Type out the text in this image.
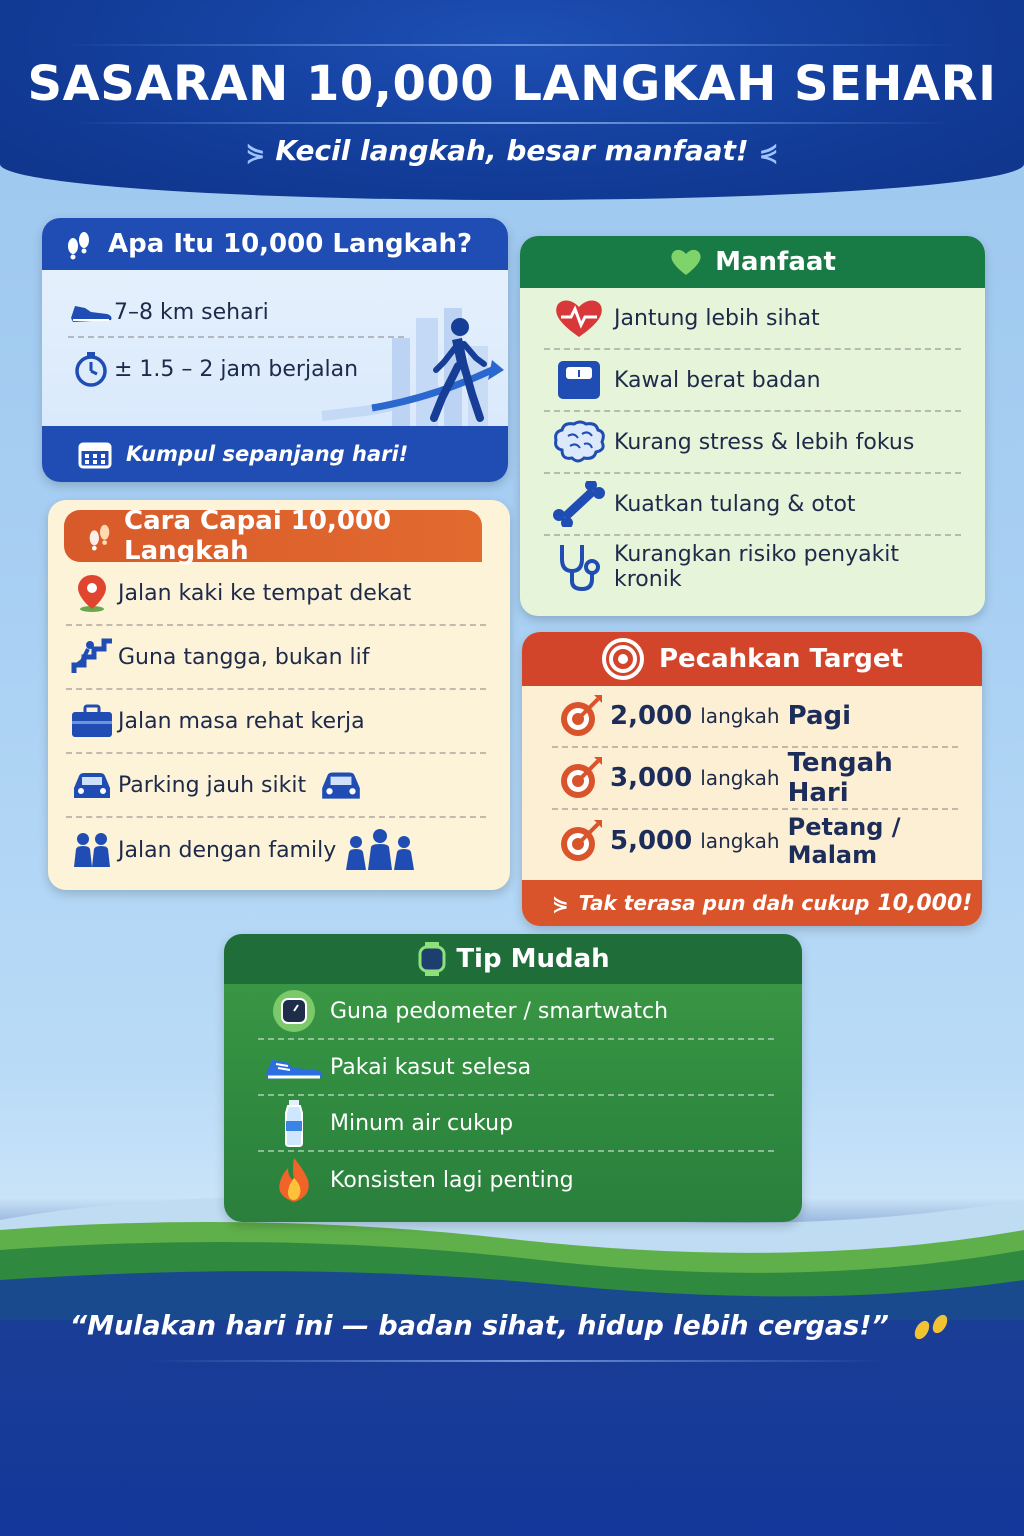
SASARAN 10,000 LANGKAH SEHARI
⋟ Kecil langkah, besar manfaat! ⋞
Apa Itu 10,000 Langkah?
7–8 km sehari
± 1.5 – 2 jam berjalan
Kumpul sepanjang hari!
Cara Capai 10,000 Langkah
Jalan kaki ke tempat dekat
Guna tangga, bukan lif
Jalan masa rehat kerja
Parking jauh sikit
Jalan dengan family
Manfaat
Jantung lebih sihat
Kawal berat badan
Kurang stress & lebih fokus
Kuatkan tulang & otot
Kurangkan risiko penyakit kronik
Pecahkan Target
2,000 langkah Pagi
3,000 langkah Tengah Hari
5,000 langkah Petang / Malam
⋟ Tak terasa pun dah cukup 10,000!
Tip Mudah
Guna pedometer / smartwatch
Pakai kasut selesa
Minum air cukup
Konsisten lagi penting
“Mulakan hari ini — badan sihat, hidup lebih cergas!”
